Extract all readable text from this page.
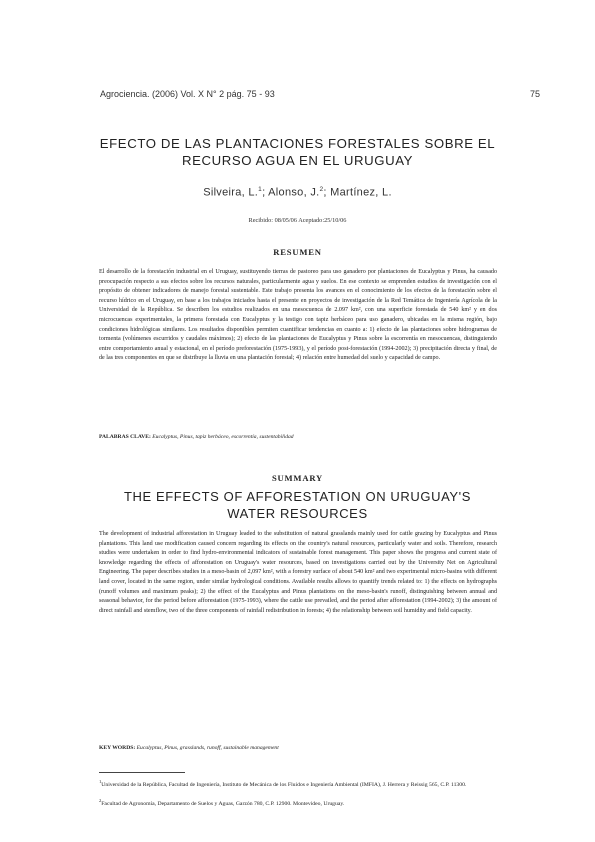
Agrociencia. (2006) Vol. X N° 2 pág. 75 - 93	75
EFECTO DE LAS PLANTACIONES FORESTALES SOBRE EL
RECURSO AGUA EN EL URUGUAY
Silveira, L.$^1$; Alonso, J.$^2$; Martínez, L.
Recibido: 08/05/06 Aceptado:25/10/06
RESUMEN

El desarrollo de la forestación industrial en el Uruguay, sustituyendo tierras de pastoreo para uso ganadero por plantaciones de Eucalyptus y Pinus, ha causado preocupación respecto a sus efectos sobre los recursos naturales, particularmente agua y suelos. En ese contexto se emprenden estudios de investigación con el propósito de obtener indicadores de manejo forestal sustentable. Este trabajo presenta los avances en el conocimiento de los efectos de la forestación sobre el recurso hídrico en el Uruguay, en base a los trabajos iniciados hasta el presente en proyectos de investigación de la Red Temática de Ingeniería Agrícola de la Universidad de la República. Se describen los estudios realizados en una mesocuenca de 2.097 km², con una superficie forestada de 540 km² y en dos microcuencas experimentales, la primera forestada con Eucalyptus y la testigo con tapiz herbáceo para uso ganadero, ubicadas en la misma región, bajo condiciones hidrológicas similares. Los resultados disponibles permiten cuantificar tendencias en cuanto a: 1) efecto de las plantaciones sobre hidrogramas de tormenta (volúmenes escurridos y caudales máximos); 2) efecto de las plantaciones de Eucalyptus y Pinus sobre la escorrentía en mesocuencas, distinguiendo entre comportamiento anual y estacional, en el período preforestación (1975-1993), y el período post-forestación (1994-2002); 3) precipitación directa y final, de de las tres componentes en que se distribuye la lluvia en una plantación forestal; 4) relación entre humedad del suelo y capacidad de campo.

PALABRAS CLAVE: Eucalyptus, Pinus, tapiz herbáceo, escorrentía, sustentabilidad

SUMMARY
THE EFFECTS OF AFFORESTATION ON URUGUAY'S
WATER RESOURCES

The development of industrial afforestation in Uruguay leaded to the substitution of natural grasslands mainly used for cattle grazing by Eucalyptus and Pinus plantations. This land use modification caused concern regarding its effects on the country's natural resources, particularly water and soils. Therefore, research studies were undertaken in order to find hydro-environmental indicators of sustainable forest management. This paper shows the progress and current state of knowledge regarding the effects of afforestation on Uruguay's water resources, based on investigations carried out by the University Net on Agricultural Engineering. The paper describes studies in a meso-basin of 2,097 km², with a forestry surface of about 540 km² and two experimental micro-basins with different land cover, located in the same region, under similar hydrological conditions. Available results allows to quantify trends related to: 1) the effects on hydrographs (runoff volumes and maximum peaks); 2) the effect of the Eucalyptus and Pinus plantations on the meso-basin's runoff, distinguishing between annual and seasonal behavior, for the period before afforestation (1975-1993), where the cattle use prevailed, and the period after afforestation (1994-2002); 3) the amount of direct rainfall and stemflow, two of the three components of rainfall redistribution in forests; 4) the relationship between soil humidity and field capacity.

KEY WORDS: Eucalyptus, Pinus, grasslands, runoff, sustainable management

$^1$Universidad de la República, Facultad de Ingeniería, Instituto de Mecánica de los Fluidos e Ingeniería Ambiental (IMFIA), J. Herrera y Reissig 565, C.P. 11300.

$^2$Facultad de Agronomía, Departamento de Suelos y Aguas, Garzón 780, C.P. 12900. Montevideo, Uruguay.
